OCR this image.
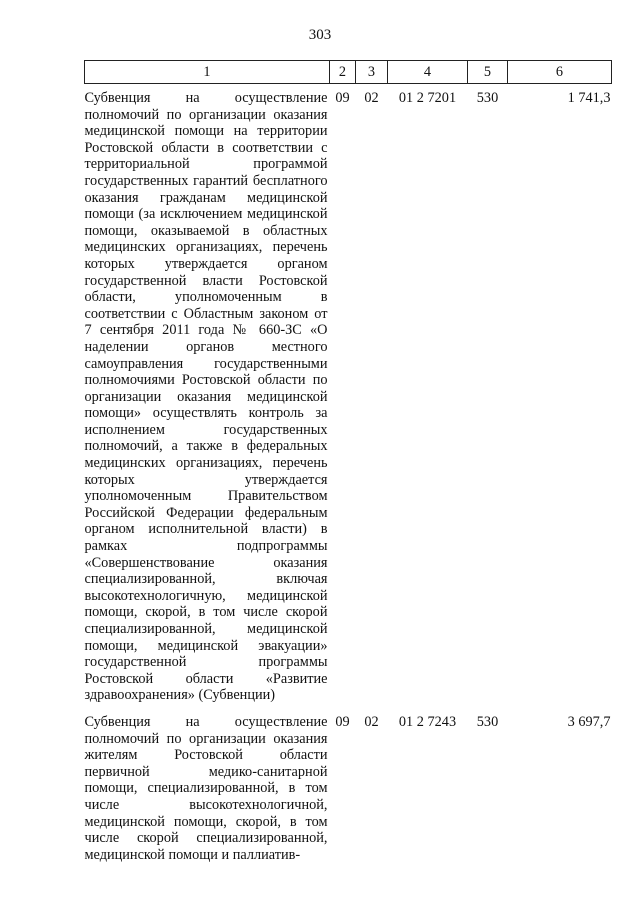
303
1	2	3	4	5	6
Субвенция на осуществление полномочий по организации оказания медицинской помощи на территории Ростовской области в соответствии с территориальной программой государственных гарантий бесплатного оказания гражданам медицинской помощи (за исключением медицинской помощи, оказываемой в областных медицинских организациях, перечень которых утверждается органом государственной власти Ростовской области, уполномоченным в соответствии с Областным законом от 7 сентября 2011 года № 660-ЗС «О наделении органов местного самоуправления государственными полномочиями Ростовской области по организации оказания медицинской помощи» осуществлять контроль за исполнением государственных полномочий, а также в федеральных медицинских организациях, перечень которых утверждается уполномоченным Правительством Российской Федерации федеральным органом исполнительной власти) в рамках подпрограммы «Совершенствование оказания специализированной, включая высокотехнологичную, медицинской помощи, скорой, в том числе скорой специализированной, медицинской помощи, медицинской эвакуации» государственной программы Ростовской области «Развитие здравоохранения» (Субвенции)	09	02	01 2 7201	530	1 741,3
Субвенция на осуществление полномочий по организации оказания жителям Ростовской области первичной медико-санитарной помощи, специализированной, в том числе высокотехнологичной, медицинской помощи, скорой, в том числе скорой специализированной, медицинской помощи и паллиатив-	09	02	01 2 7243	530	3 697,7
